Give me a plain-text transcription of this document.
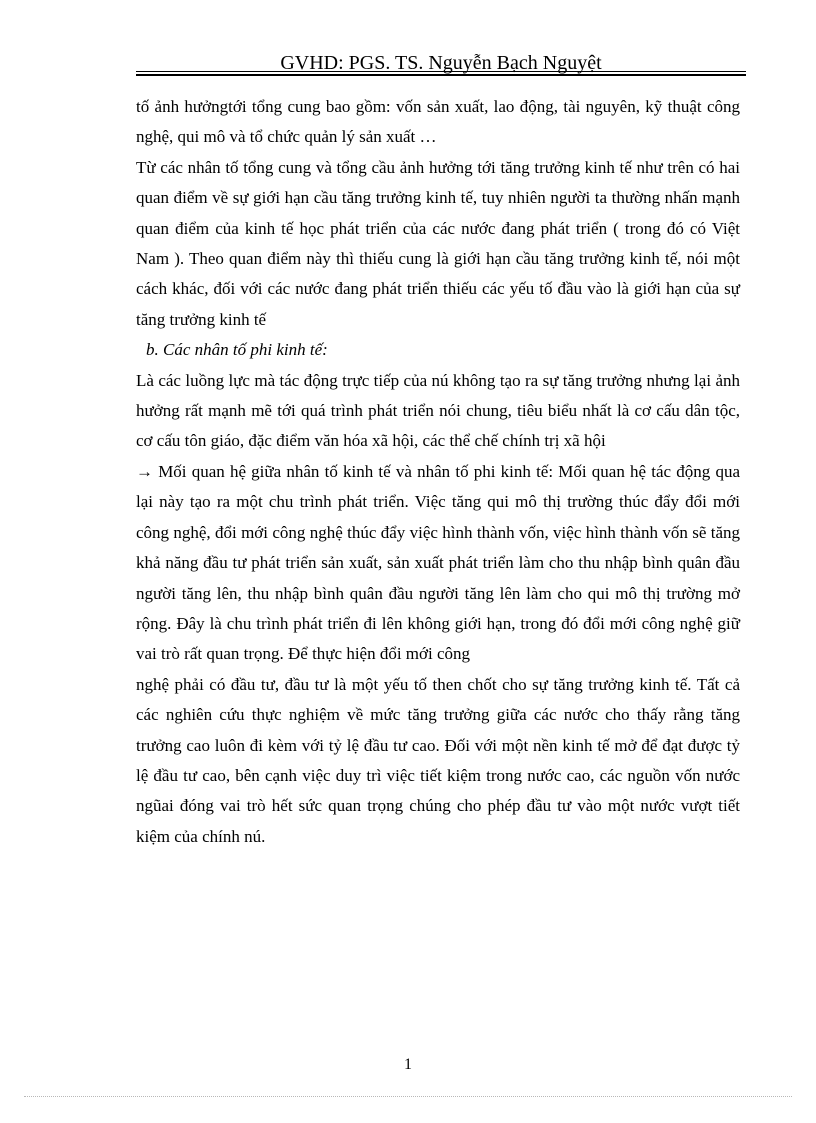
GVHD: PGS. TS. Nguyễn Bạch Nguyệt

tố ảnh hưởngtới tổng cung bao gồm: vốn sản xuất, lao động, tài nguyên, kỹ thuật công nghệ, qui mô và tổ chức quản lý sản xuất …

Từ các nhân tố tổng cung và tổng cầu ảnh hưởng tới tăng trưởng kinh tế như trên có hai quan điểm về sự giới hạn cầu tăng trưởng kinh tế, tuy nhiên người ta thường nhấn mạnh quan điểm của kinh tế học phát triển của các nước đang phát triển ( trong đó có Việt Nam ). Theo quan điểm này thì thiếu cung là giới hạn cầu tăng trưởng kinh tế, nói một cách khác, đối với các nước đang phát triển thiếu các yếu tố đầu vào là giới hạn của sự tăng trưởng kinh tế

b. Các nhân tố phi kinh tế:

Là các luồng lực mà tác động trực tiếp của nú không tạo ra sự tăng trưởng nhưng lại ảnh hưởng rất mạnh mẽ tới quá trình phát triển nói chung, tiêu biểu nhất là cơ cấu dân tộc, cơ cấu tôn giáo, đặc điểm văn hóa xã hội, các thể chế chính trị xã hội

→ Mối quan hệ giữa nhân tố kinh tế và nhân tố phi kinh tế: Mối quan hệ tác động qua lại này tạo ra một chu trình phát triển. Việc tăng qui mô thị trường thúc đẩy đổi mới công nghệ, đổi mới công nghệ thúc đẩy việc hình thành vốn, việc hình thành vốn sẽ tăng khả năng đầu tư phát triển sản xuất, sản xuất phát triển làm cho thu nhập bình quân đầu người tăng lên, thu nhập bình quân đầu người tăng lên làm cho qui mô thị trường mở rộng. Đây là chu trình phát triển đi lên không giới hạn, trong đó đổi mới công nghệ giữ vai trò rất quan trọng. Để thực hiện đổi mới công

nghệ phải có đầu tư, đầu tư là một yếu tố then chốt cho sự tăng trưởng kinh tế. Tất cả các nghiên cứu thực nghiệm về mức tăng trưởng giữa các nước cho thấy rằng tăng trưởng cao luôn đi kèm với tỷ lệ đầu tư cao. Đối với một nền kinh tế mở để đạt được tỷ lệ đầu tư cao, bên cạnh việc duy trì việc tiết kiệm trong nước cao, các nguồn vốn nước ngũai đóng vai trò hết sức quan trọng chúng cho phép đầu tư vào một nước vượt tiết kiệm của chính nú.

1
